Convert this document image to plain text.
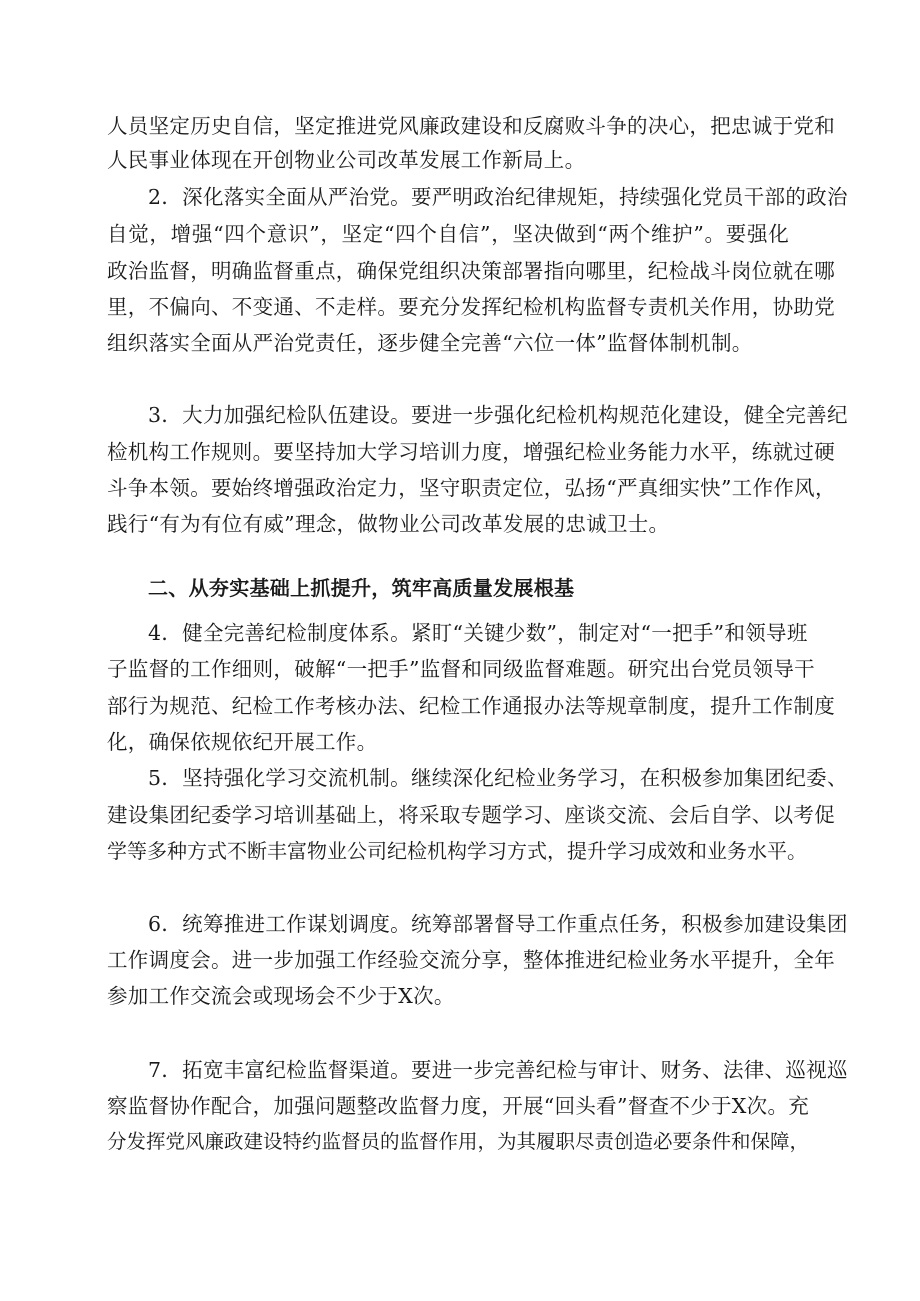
人员坚定历史自信，坚定推进党风廉政建设和反腐败斗争的决心，把忠诚于党和
人民事业体现在开创物业公司改革发展工作新局上。
2．深化落实全面从严治党。要严明政治纪律规矩，持续强化党员干部的政治
自觉，增强“四个意识”，坚定“四个自信”，坚决做到“两个维护”。要强化
政治监督，明确监督重点，确保党组织决策部署指向哪里，纪检战斗岗位就在哪
里，不偏向、不变通、不走样。要充分发挥纪检机构监督专责机关作用，协助党
组织落实全面从严治党责任，逐步健全完善“六位一体”监督体制机制。
3．大力加强纪检队伍建设。要进一步强化纪检机构规范化建设，健全完善纪
检机构工作规则。要坚持加大学习培训力度，增强纪检业务能力水平，练就过硬
斗争本领。要始终增强政治定力，坚守职责定位，弘扬“严真细实快”工作作风，
践行“有为有位有威”理念，做物业公司改革发展的忠诚卫士。
二、从夯实基础上抓提升，筑牢高质量发展根基
4．健全完善纪检制度体系。紧盯“关键少数”，制定对“一把手”和领导班
子监督的工作细则，破解“一把手”监督和同级监督难题。研究出台党员领导干
部行为规范、纪检工作考核办法、纪检工作通报办法等规章制度，提升工作制度
化，确保依规依纪开展工作。
5．坚持强化学习交流机制。继续深化纪检业务学习，在积极参加集团纪委、
建设集团纪委学习培训基础上，将采取专题学习、座谈交流、会后自学、以考促
学等多种方式不断丰富物业公司纪检机构学习方式，提升学习成效和业务水平。
6．统筹推进工作谋划调度。统筹部署督导工作重点任务，积极参加建设集团
工作调度会。进一步加强工作经验交流分享，整体推进纪检业务水平提升，全年
参加工作交流会或现场会不少于X次。
7．拓宽丰富纪检监督渠道。要进一步完善纪检与审计、财务、法律、巡视巡
察监督协作配合，加强问题整改监督力度，开展“回头看”督查不少于X次。充
分发挥党风廉政建设特约监督员的监督作用，为其履职尽责创造必要条件和保障，
